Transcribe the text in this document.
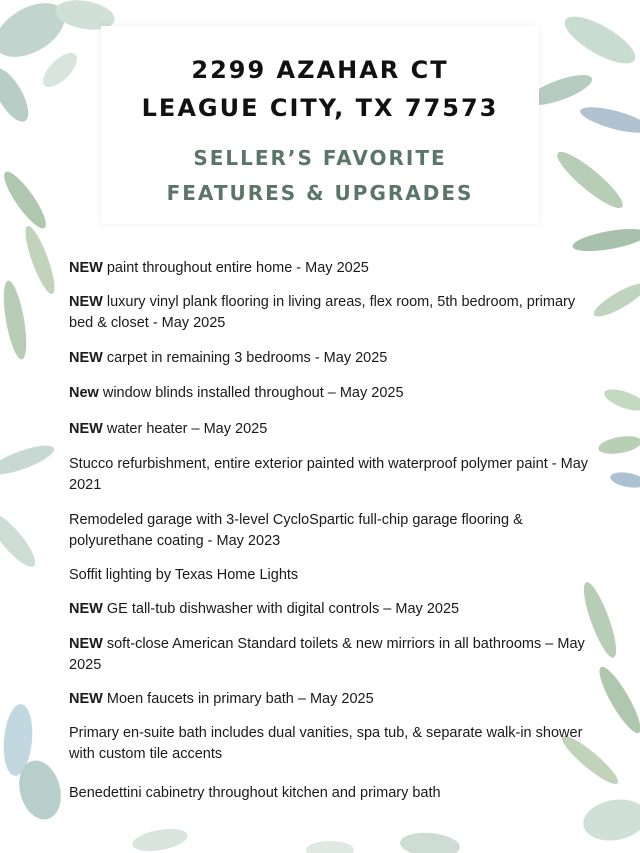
2299 AZAHAR CT
LEAGUE CITY, TX 77573
SELLER’S FAVORITE
FEATURES & UPGRADES
NEW paint throughout entire home - May 2025
NEW luxury vinyl plank flooring in living areas, flex room, 5th bedroom, primary bed & closet - May 2025
NEW carpet in remaining 3 bedrooms - May 2025
New window blinds installed throughout – May 2025
NEW water heater – May 2025
Stucco refurbishment, entire exterior painted with waterproof polymer paint - May 2021
Remodeled garage with 3-level CycloSpartic full-chip garage flooring & polyurethane coating - May 2023
Soffit lighting by Texas Home Lights
NEW GE tall-tub dishwasher with digital controls – May 2025
NEW soft-close American Standard toilets & new mirriors in all bathrooms – May 2025
NEW Moen faucets in primary bath – May 2025
Primary en-suite bath includes dual vanities, spa tub, & separate walk-in shower with custom tile accents
Benedettini cabinetry throughout kitchen and primary bath
